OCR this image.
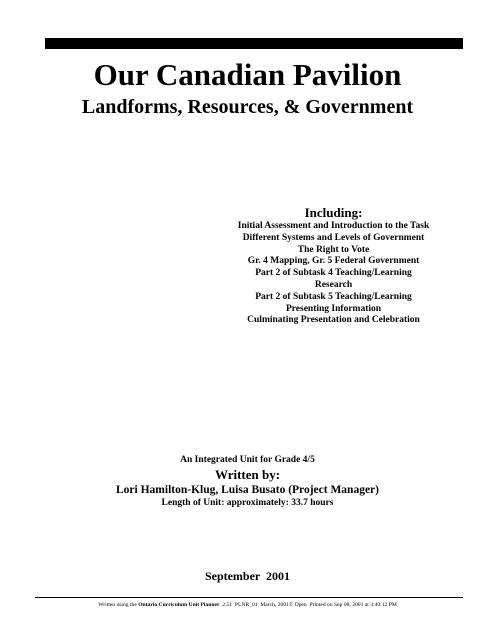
Our Canadian Pavilion
Landforms, Resources, & Government
Including:
Initial Assessment and Introduction to the Task
Different Systems and Levels of Government
The Right to Vote
Gr. 4 Mapping, Gr. 5 Federal Government
Part 2 of Subtask 4 Teaching/Learning
Research
Part 2 of Subtask 5 Teaching/Learning
Presenting Information
Culminating Presentation and Celebration
An Integrated Unit for Grade 4/5
Written by:
Lori Hamilton-Klug, Luisa Busato (Project Manager)
Length of Unit: approximately: 33.7 hours
September  2001
Written using the Ontario Curriculum Unit Planner  2.51  PLNR_01  March, 2001© Open  Printed on Sep 08, 2001 at 3:40:12 PM
